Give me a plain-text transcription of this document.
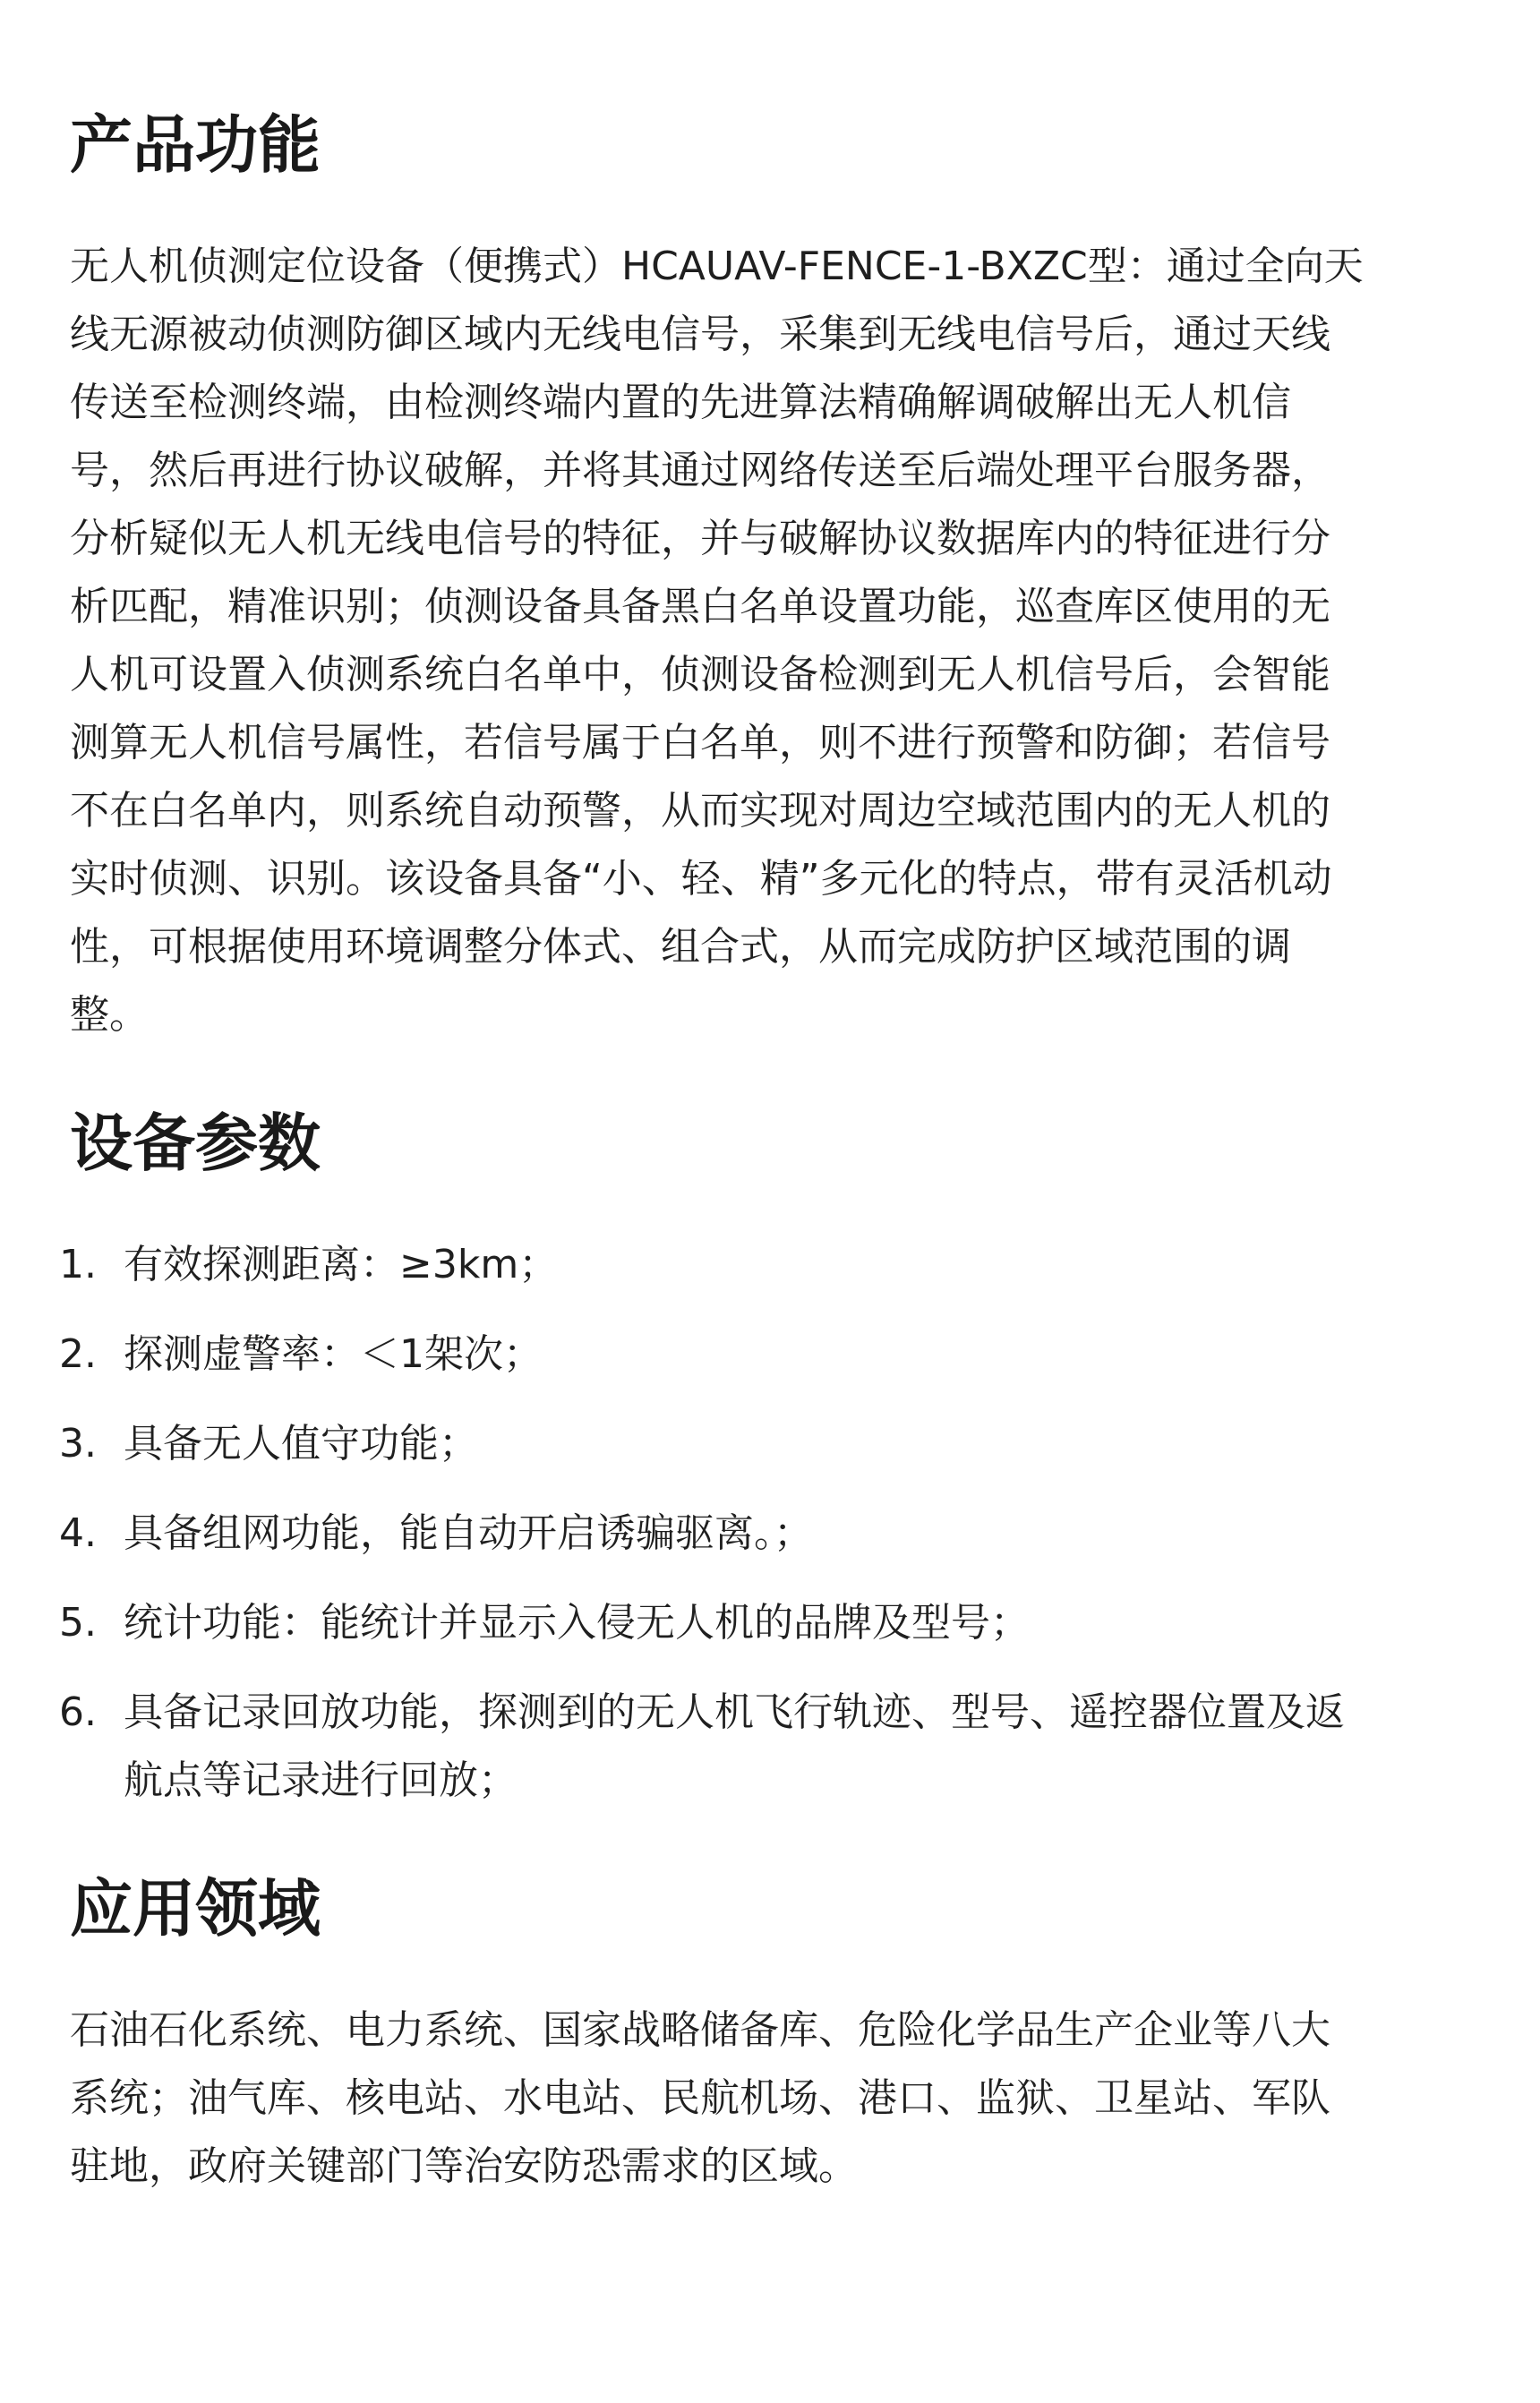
产品功能
无人机侦测定位设备（便携式）HCAUAV-FENCE-1-BXZC型：通过全向天
线无源被动侦测防御区域内无线电信号，采集到无线电信号后，通过天线
传送至检测终端，由检测终端内置的先进算法精确解调破解出无人机信
号，然后再进行协议破解，并将其通过网络传送至后端处理平台服务器，
分析疑似无人机无线电信号的特征，并与破解协议数据库内的特征进行分
析匹配，精准识别；侦测设备具备黑白名单设置功能，巡查库区使用的无
人机可设置入侦测系统白名单中，侦测设备检测到无人机信号后，会智能
测算无人机信号属性，若信号属于白名单，则不进行预警和防御；若信号
不在白名单内，则系统自动预警，从而实现对周边空域范围内的无人机的
实时侦测、识别。该设备具备“小、轻、精”多元化的特点，带有灵活机动
性，可根据使用环境调整分体式、组合式，从而完成防护区域范围的调
整。
设备参数
1. 有效探测距离：≥3km；
2. 探测虚警率：＜1架次；
3. 具备无人值守功能；
4. 具备组网功能，能自动开启诱骗驱离。；
5. 统计功能：能统计并显示入侵无人机的品牌及型号；
6. 具备记录回放功能，探测到的无人机飞行轨迹、型号、遥控器位置及返
航点等记录进行回放；
应用领域
石油石化系统、电力系统、国家战略储备库、危险化学品生产企业等八大
系统；油气库、核电站、水电站、民航机场、港口、监狱、卫星站、军队
驻地，政府关键部门等治安防恐需求的区域。
